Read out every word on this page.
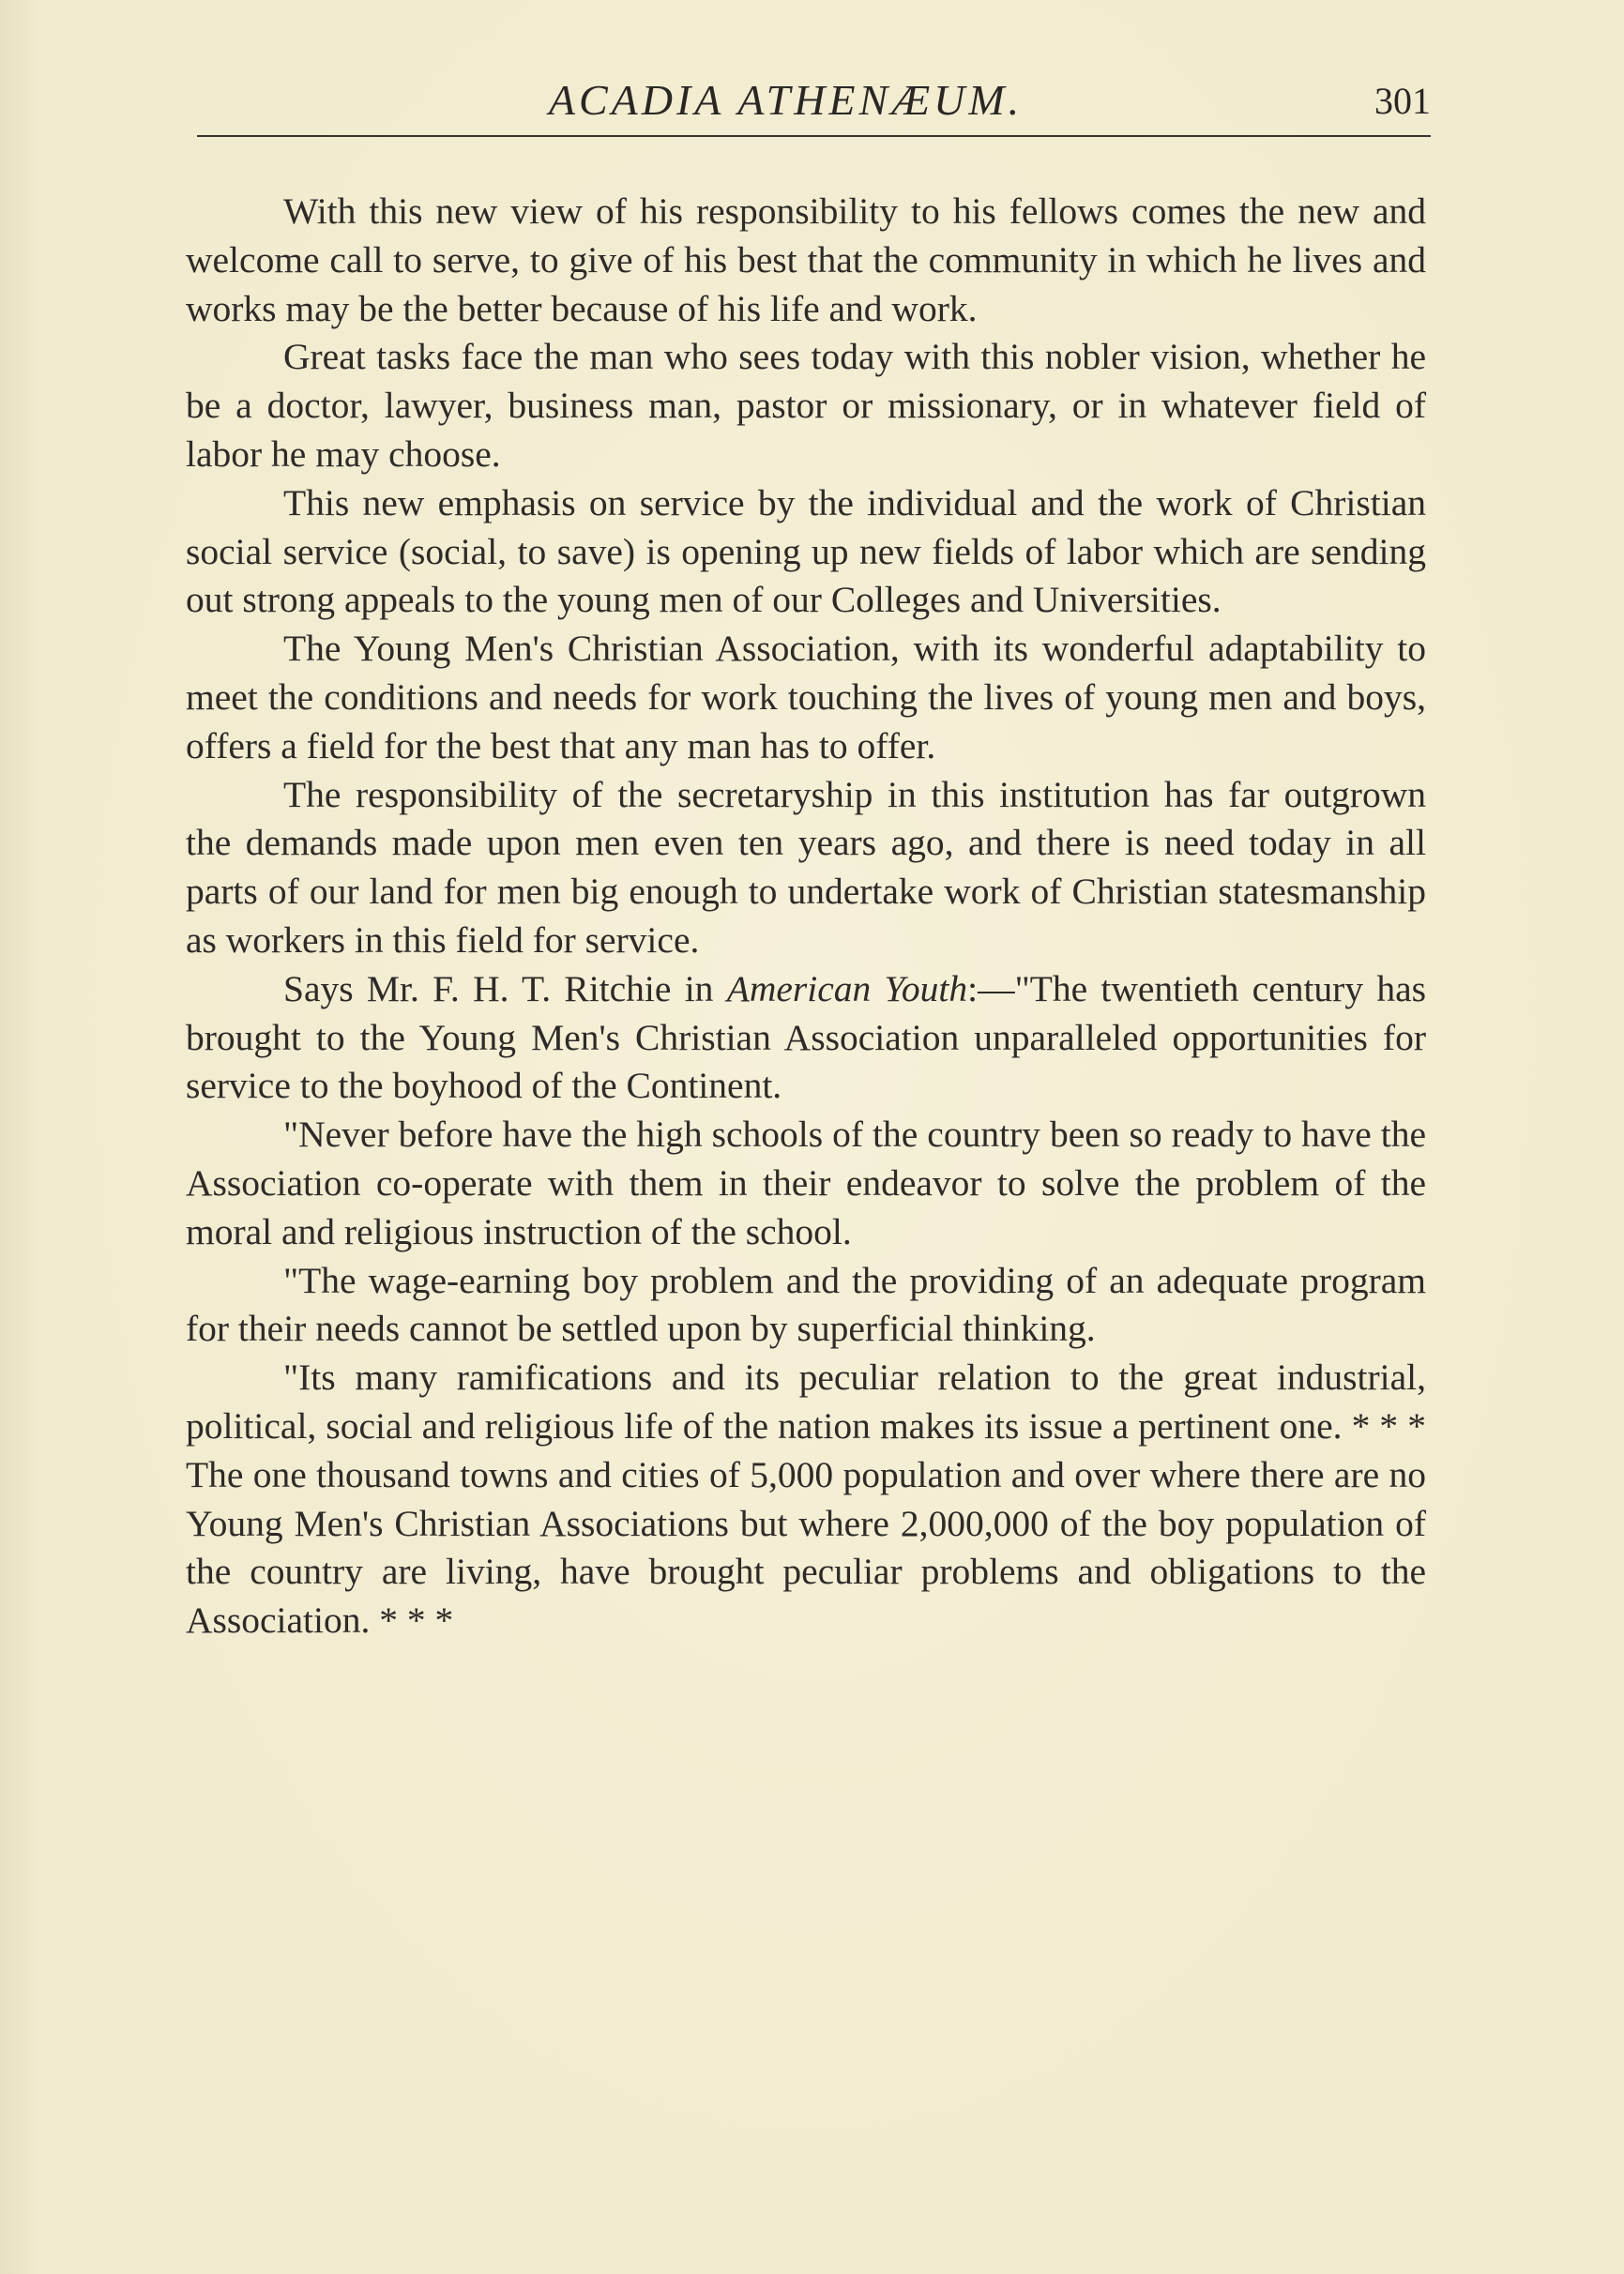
ACADIA ATHENÆUM.	301

With this new view of his responsibility to his fellows comes the new and welcome call to serve, to give of his best that the community in which he lives and works may be the better because of his life and work.

Great tasks face the man who sees today with this nobler vision, whether he be a doctor, lawyer, business man, pastor or missionary, or in whatever field of labor he may choose.

This new emphasis on service by the individual and the work of Christian social service (social, to save) is opening up new fields of labor which are sending out strong appeals to the young men of our Colleges and Universities.

The Young Men's Christian Association, with its wonderful adaptability to meet the conditions and needs for work touching the lives of young men and boys, offers a field for the best that any man has to offer.

The responsibility of the secretaryship in this institution has far outgrown the demands made upon men even ten years ago, and there is need today in all parts of our land for men big enough to undertake work of Christian statesmanship as workers in this field for service.

Says Mr. F. H. T. Ritchie in American Youth:—"The twentieth century has brought to the Young Men's Christian Association unparalleled opportunities for service to the boyhood of the Continent.

"Never before have the high schools of the country been so ready to have the Association co-operate with them in their endeavor to solve the problem of the moral and religious instruction of the school.

"The wage-earning boy problem and the providing of an adequate program for their needs cannot be settled upon by superficial thinking.

"Its many ramifications and its peculiar relation to the great industrial, political, social and religious life of the nation makes its issue a pertinent one. * * * The one thousand towns and cities of 5,000 population and over where there are no Young Men's Christian Associations but where 2,000,000 of the boy population of the country are living, have brought peculiar problems and obligations to the Association. * * *
